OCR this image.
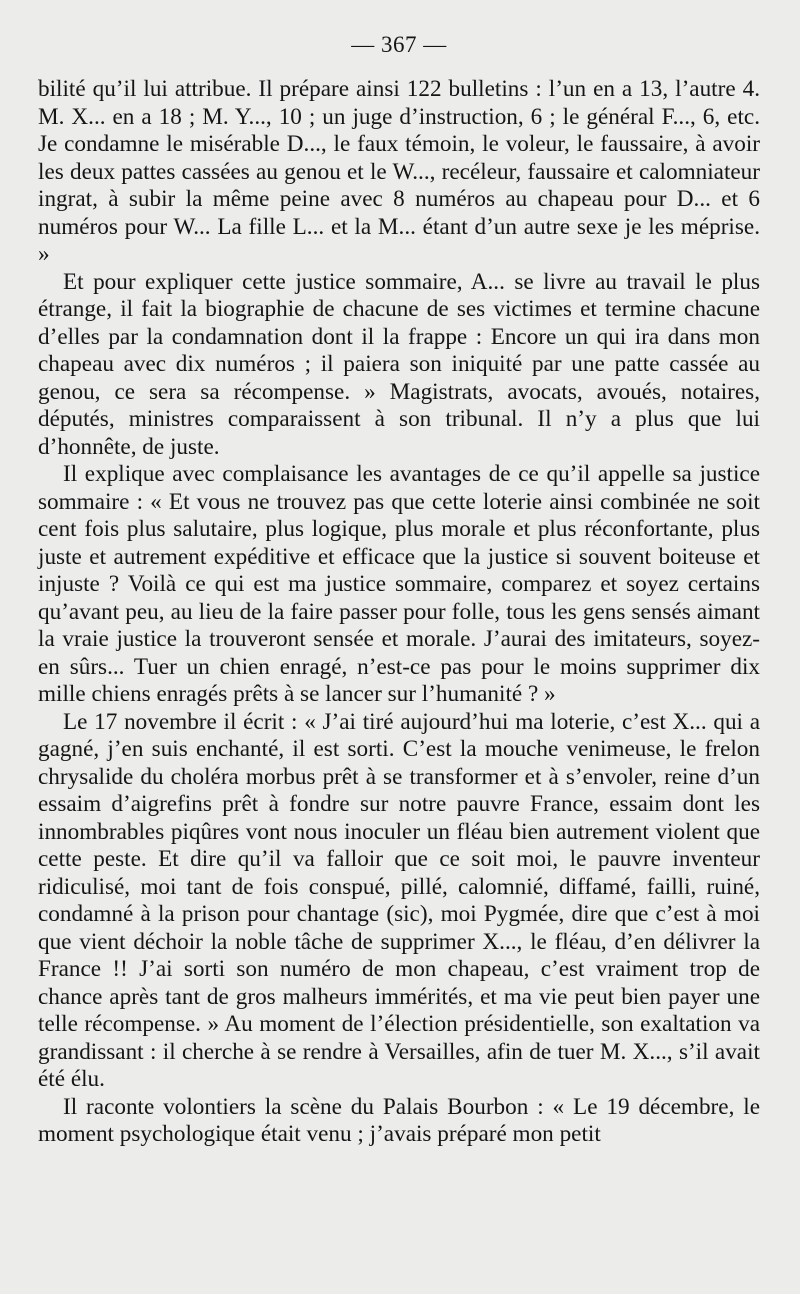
— 367 —

bilité qu’il lui attribue. Il prépare ainsi 122 bulletins : l’un en a 13, l’autre 4. M. X... en a 18 ; M. Y..., 10 ; un juge d’instruction, 6 ; le général F..., 6, etc. Je condamne le misérable D..., le faux témoin, le voleur, le faussaire, à avoir les deux pattes cassées au genou et le W..., recéleur, faussaire et calomniateur ingrat, à subir la même peine avec 8 numéros au chapeau pour D... et 6 numéros pour W... La fille L... et la M... étant d’un autre sexe je les méprise. »

Et pour expliquer cette justice sommaire, A... se livre au travail le plus étrange, il fait la biographie de chacune de ses victimes et termine chacune d’elles par la condamnation dont il la frappe : Encore un qui ira dans mon chapeau avec dix numéros ; il paiera son iniquité par une patte cassée au genou, ce sera sa récompense. » Magistrats, avocats, avoués, notaires, députés, ministres comparaissent à son tribunal. Il n’y a plus que lui d’honnête, de juste.

Il explique avec complaisance les avantages de ce qu’il appelle sa justice sommaire : « Et vous ne trouvez pas que cette loterie ainsi combinée ne soit cent fois plus salutaire, plus logique, plus morale et plus réconfortante, plus juste et autrement expéditive et efficace que la justice si souvent boiteuse et injuste ? Voilà ce qui est ma justice sommaire, comparez et soyez certains qu’avant peu, au lieu de la faire passer pour folle, tous les gens sensés aimant la vraie justice la trouveront sensée et morale. J’aurai des imitateurs, soyez-en sûrs... Tuer un chien enragé, n’est-ce pas pour le moins supprimer dix mille chiens enragés prêts à se lancer sur l’humanité ? »

Le 17 novembre il écrit : « J’ai tiré aujourd’hui ma loterie, c’est X... qui a gagné, j’en suis enchanté, il est sorti. C’est la mouche venimeuse, le frelon chrysalide du choléra morbus prêt à se transformer et à s’envoler, reine d’un essaim d’aigrefins prêt à fondre sur notre pauvre France, essaim dont les innombrables piqûres vont nous inoculer un fléau bien autrement violent que cette peste. Et dire qu’il va falloir que ce soit moi, le pauvre inventeur ridiculisé, moi tant de fois conspué, pillé, calomnié, diffamé, failli, ruiné, condamné à la prison pour chantage (sic), moi Pygmée, dire que c’est à moi que vient déchoir la noble tâche de supprimer X..., le fléau, d’en délivrer la France !! J’ai sorti son numéro de mon chapeau, c’est vraiment trop de chance après tant de gros malheurs immérités, et ma vie peut bien payer une telle récompense. » Au moment de l’élection présidentielle, son exaltation va grandissant : il cherche à se rendre à Versailles, afin de tuer M. X..., s’il avait été élu.

Il raconte volontiers la scène du Palais Bourbon : « Le 19 décembre, le moment psychologique était venu ; j’avais préparé mon petit
